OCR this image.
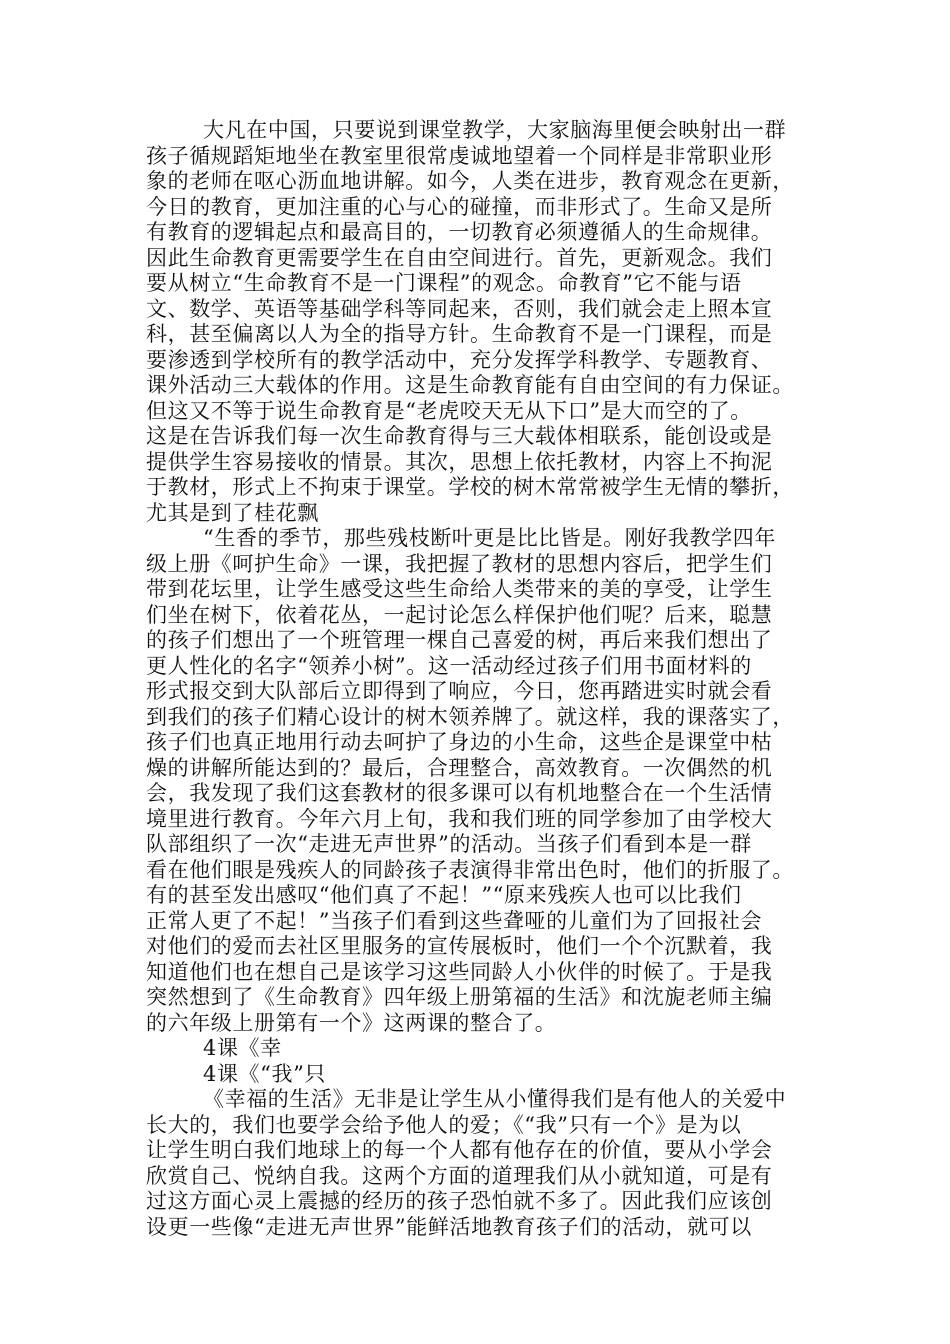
大凡在中国，只要说到课堂教学，大家脑海里便会映射出一群
孩子循规蹈矩地坐在教室里很常虔诚地望着一个同样是非常职业形
象的老师在呕心沥血地讲解。如今，人类在进步，教育观念在更新，
今日的教育，更加注重的心与心的碰撞，而非形式了。生命又是所
有教育的逻辑起点和最高目的，一切教育必须遵循人的生命规律。
因此生命教育更需要学生在自由空间进行。首先，更新观念。我们
要从树立“生命教育不是一门课程”的观念。命教育”它不能与语
文、数学、英语等基础学科等同起来，否则，我们就会走上照本宣
科，甚至偏离以人为全的指导方针。生命教育不是一门课程，而是
要渗透到学校所有的教学活动中，充分发挥学科教学、专题教育、
课外活动三大载体的作用。这是生命教育能有自由空间的有力保证。
但这又不等于说生命教育是“老虎咬天无从下口”是大而空的了。
这是在告诉我们每一次生命教育得与三大载体相联系，能创设或是
提供学生容易接收的情景。其次，思想上依托教材，内容上不拘泥
于教材，形式上不拘束于课堂。学校的树木常常被学生无情的攀折，
尤其是到了桂花飘
“生香的季节，那些残枝断叶更是比比皆是。刚好我教学四年
级上册《呵护生命》一课，我把握了教材的思想内容后，把学生们
带到花坛里，让学生感受这些生命给人类带来的美的享受，让学生
们坐在树下，依着花丛，一起讨论怎么样保护他们呢？后来，聪慧
的孩子们想出了一个班管理一棵自己喜爱的树，再后来我们想出了
更人性化的名字“领养小树”。这一活动经过孩子们用书面材料的
形式报交到大队部后立即得到了响应，今日，您再踏进实时就会看
到我们的孩子们精心设计的树木领养牌了。就这样，我的课落实了，
孩子们也真正地用行动去呵护了身边的小生命，这些企是课堂中枯
燥的讲解所能达到的？最后，合理整合，高效教育。一次偶然的机
会，我发现了我们这套教材的很多课可以有机地整合在一个生活情
境里进行教育。今年六月上旬，我和我们班的同学参加了由学校大
队部组织了一次“走进无声世界”的活动。当孩子们看到本是一群
看在他们眼是残疾人的同龄孩子表演得非常出色时，他们的折服了。
有的甚至发出感叹“他们真了不起！”“原来残疾人也可以比我们
正常人更了不起！”当孩子们看到这些聋哑的儿童们为了回报社会
对他们的爱而去社区里服务的宣传展板时，他们一个个沉默着，我
知道他们也在想自己是该学习这些同龄人小伙伴的时候了。于是我
突然想到了《生命教育》四年级上册第福的生活》和沈旎老师主编
的六年级上册第有一个》这两课的整合了。
4课《幸
4课《“我”只
《幸福的生活》无非是让学生从小懂得我们是有他人的关爱中
长大的，我们也要学会给予他人的爱；《“我”只有一个》是为以
让学生明白我们地球上的每一个人都有他存在的价值，要从小学会
欣赏自己、悦纳自我。这两个方面的道理我们从小就知道，可是有
过这方面心灵上震撼的经历的孩子恐怕就不多了。因此我们应该创
设更一些像“走进无声世界”能鲜活地教育孩子们的活动，就可以
